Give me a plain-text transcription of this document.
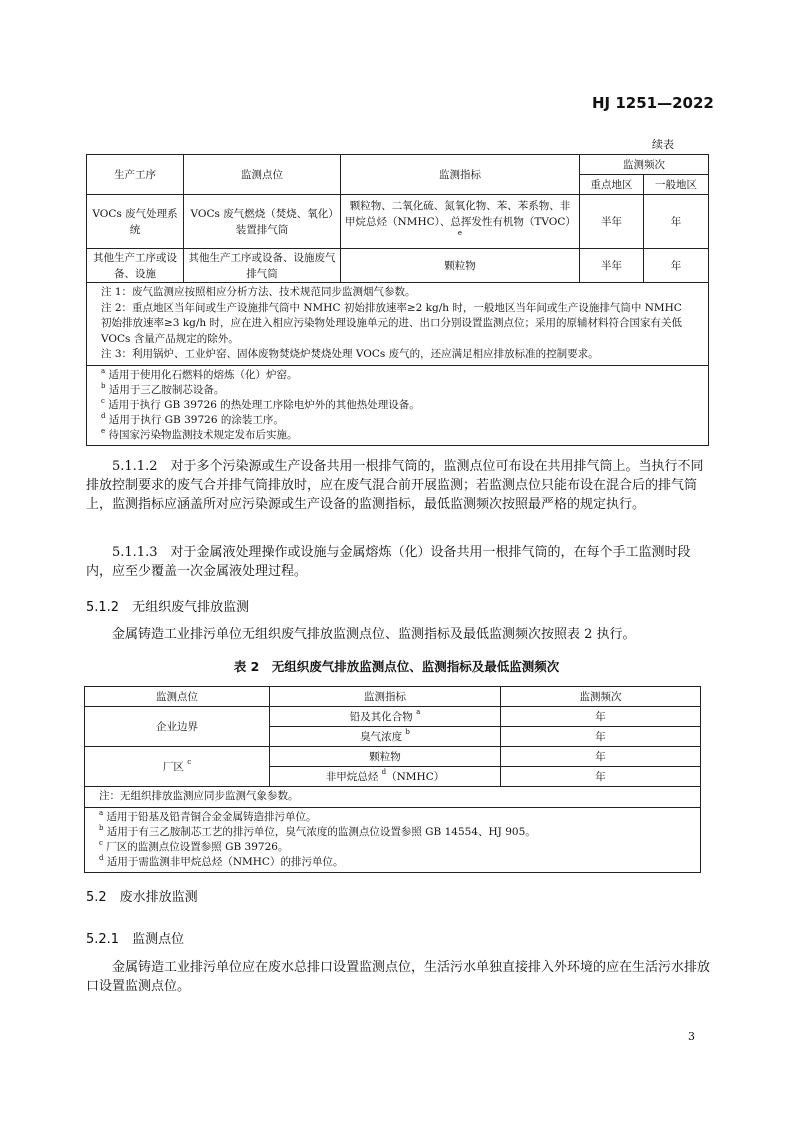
HJ 1251—2022
续表
生产工序	监测点位	监测指标	监测频次	
			重点地区	一般地区
VOCs 废气处理系统	VOCs 废气燃烧（焚烧、氧化）装置排气筒	颗粒物、二氧化硫、氮氧化物、苯、苯系物、非甲烷总烃（NMHC）、总挥发性有机物（TVOC）$^e$	半年	年
其他生产工序或设备、设施	其他生产工序或设备、设施废气排气筒	颗粒物	半年	年

注 1：废气监测应按照相应分析方法、技术规范同步监测烟气参数。
注 2：重点地区当年间或生产设施排气筒中 NMHC 初始排放速率≥2 kg/h 时，一般地区当年间或生产设施排气筒中 NMHC 初始排放速率≥3 kg/h 时，应在进入相应污染物处理设施单元的进、出口分别设置监测点位；采用的原辅材料符合国家有关低 VOCs 含量产品规定的除外。
注 3：利用锅炉、工业炉窑、固体废物焚烧炉焚烧处理 VOCs 废气的，还应满足相应排放标准的控制要求。				

$^a$ 适用于使用化石燃料的熔炼（化）炉窑。
$^b$ 适用于三乙胺制芯设备。
$^c$ 适用于执行 GB 39726 的热处理工序除电炉外的其他热处理设备。
$^d$ 适用于执行 GB 39726 的涂装工序。
$^e$ 待国家污染物监测技术规定发布后实施。				
5.1.1.2　对于多个污染源或生产设备共用一根排气筒的，监测点位可布设在共用排气筒上。当执行不同排放控制要求的废气合并排气筒排放时，应在废气混合前开展监测；若监测点位只能布设在混合后的排气筒上，监测指标应涵盖所对应污染源或生产设备的监测指标，最低监测频次按照最严格的规定执行。
5.1.1.3　对于金属液处理操作或设施与金属熔炼（化）设备共用一根排气筒的，在每个手工监测时段内，应至少覆盖一次金属液处理过程。
5.1.2　无组织废气排放监测
金属铸造工业排污单位无组织废气排放监测点位、监测指标及最低监测频次按照表 2 执行。
表 2　无组织废气排放监测点位、监测指标及最低监测频次
监测点位	监测指标	监测频次
企业边界	铅及其化合物 $^a$	年
	臭气浓度 $^b$	年
厂区 $^c$	颗粒物	年
	非甲烷总烃 $^d$（NMHC）	年
注：无组织排放监测应同步监测气象参数。		

$^a$ 适用于铅基及铅青铜合金金属铸造排污单位。
$^b$ 适用于有三乙胺制芯工艺的排污单位，臭气浓度的监测点位设置参照 GB 14554、HJ 905。
$^c$ 厂区的监测点位设置参照 GB 39726。
$^d$ 适用于需监测非甲烷总烃（NMHC）的排污单位。		
5.2　废水排放监测
5.2.1　监测点位
金属铸造工业排污单位应在废水总排口设置监测点位，生活污水单独直接排入外环境的应在生活污水排放口设置监测点位。
3
